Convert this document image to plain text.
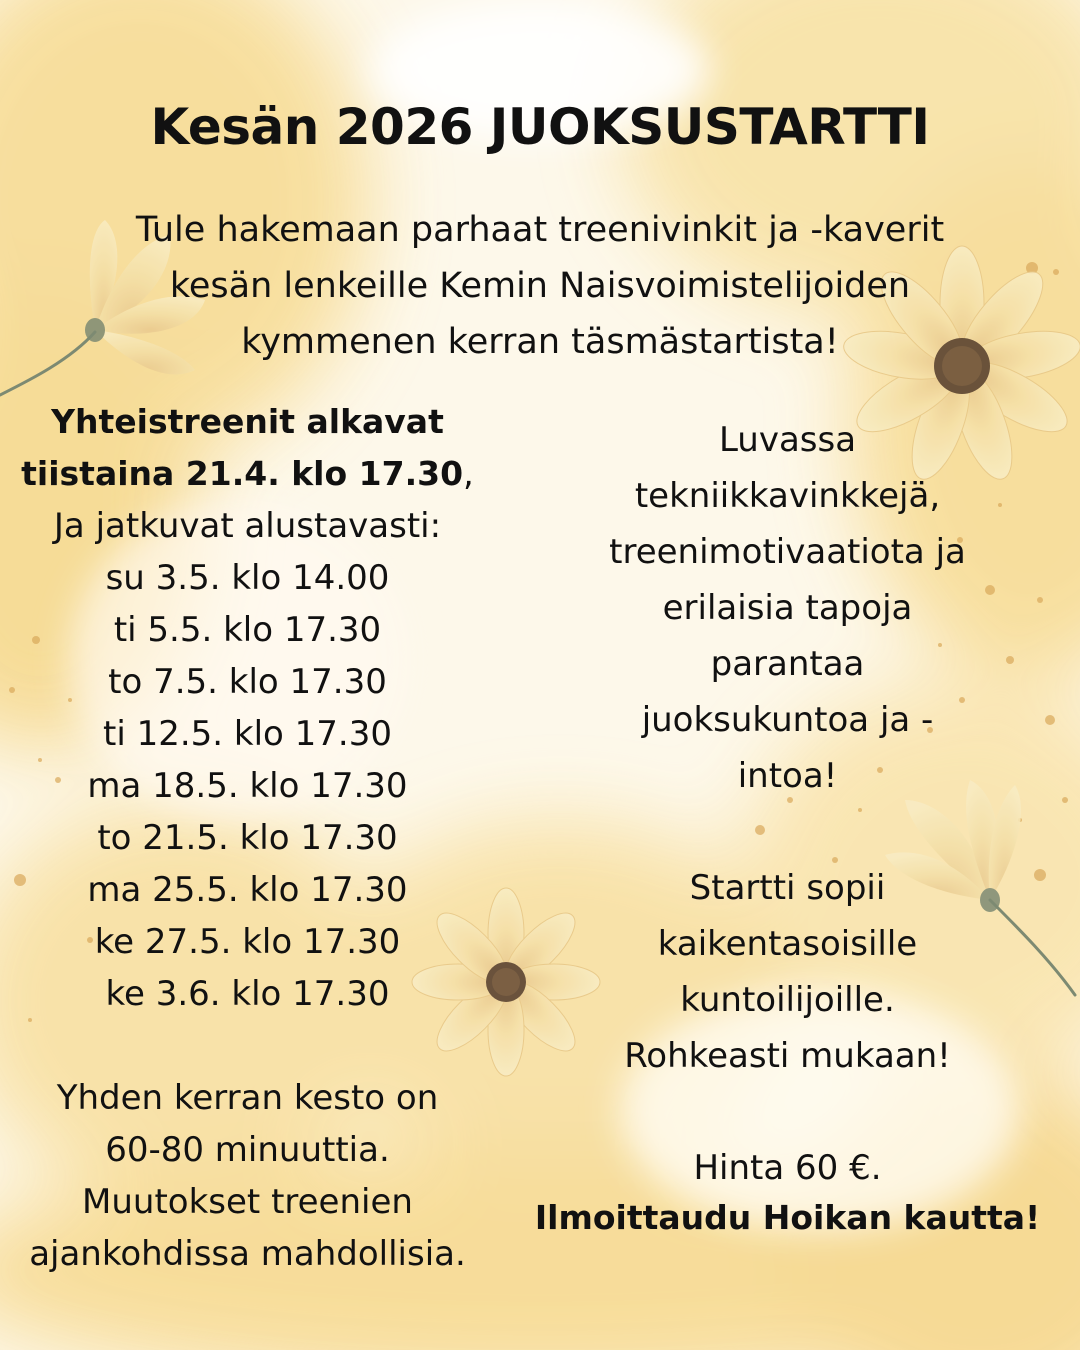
Kesän 2026 JUOKSUSTARTTI
Tule hakemaan parhaat treenivinkit ja -kaverit
kesän lenkeille Kemin Naisvoimistelijoiden
kymmenen kerran täsmästartista!
Yhteistreenit alkavat
tiistaina 21.4. klo 17.30,
Ja jatkuvat alustavasti:
su 3.5. klo 14.00
ti 5.5. klo 17.30
to 7.5. klo 17.30
ti 12.5. klo 17.30
ma 18.5. klo 17.30
to 21.5. klo 17.30
ma 25.5. klo 17.30
ke 27.5. klo 17.30
ke 3.6. klo 17.30
Yhden kerran kesto on
60-80 minuuttia.
Muutokset treenien
ajankohdissa mahdollisia.
Luvassa
tekniikkavinkkejä,
treenimotivaatiota ja
erilaisia tapoja
parantaa
juoksukuntoa ja -
intoa!
Startti sopii
kaikentasoisille
kuntoilijoille.
Rohkeasti mukaan!
Hinta 60 €.
Ilmoittaudu Hoikan kautta!
